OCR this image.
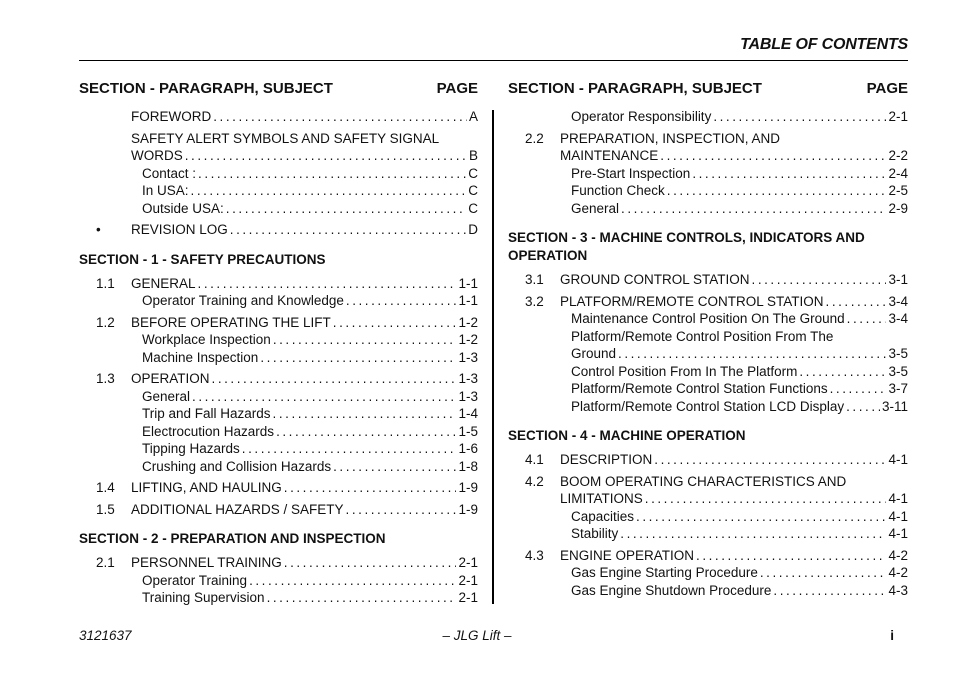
TABLE OF CONTENTS
SECTION - PARAGRAPH, SUBJECT	PAGE
FOREWORD . . .	A
SAFETY ALERT SYMBOLS AND SAFETY SIGNAL
WORDS . . .	B
Contact : . . .	C
In USA: . . .	C
Outside USA: . . .	C
• REVISION LOG . . .	D
SECTION - 1 - SAFETY PRECAUTIONS
1.1 GENERAL . . .	1-1
Operator Training and Knowledge . . .	1-1
1.2 BEFORE OPERATING THE LIFT . . .	1-2
Workplace Inspection . . .	1-2
Machine Inspection . . .	1-3
1.3 OPERATION . . .	1-3
General . . .	1-3
Trip and Fall Hazards . . .	1-4
Electrocution Hazards . . .	1-5
Tipping Hazards . . .	1-6
Crushing and Collision Hazards . . .	1-8
1.4 LIFTING, AND HAULING . . .	1-9
1.5 ADDITIONAL HAZARDS / SAFETY . . .	1-9
SECTION - 2 - PREPARATION AND INSPECTION
2.1 PERSONNEL TRAINING . . .	2-1
Operator Training . . .	2-1
Training Supervision . . .	2-1
SECTION - PARAGRAPH, SUBJECT	PAGE
Operator Responsibility . . .	2-1
2.2 PREPARATION, INSPECTION, AND
MAINTENANCE . . .	2-2
Pre-Start Inspection . . .	2-4
Function Check . . .	2-5
General . . .	2-9
SECTION - 3 - MACHINE CONTROLS, INDICATORS AND
OPERATION
3.1 GROUND CONTROL STATION . . .	3-1
3.2 PLATFORM/REMOTE CONTROL STATION . . .	3-4
Maintenance Control Position On The Ground . . .	3-4
Platform/Remote Control Position From The
Ground . . .	3-5
Control Position From In The Platform . . .	3-5
Platform/Remote Control Station Functions . . .	3-7
Platform/Remote Control Station LCD Display . . .	3-11
SECTION - 4 - MACHINE OPERATION
4.1 DESCRIPTION . . .	4-1
4.2 BOOM OPERATING CHARACTERISTICS AND
LIMITATIONS . . .	4-1
Capacities . . .	4-1
Stability . . .	4-1
4.3 ENGINE OPERATION . . .	4-2
Gas Engine Starting Procedure . . .	4-2
Gas Engine Shutdown Procedure . . .	4-3
– JLG Lift –
3121637	i
